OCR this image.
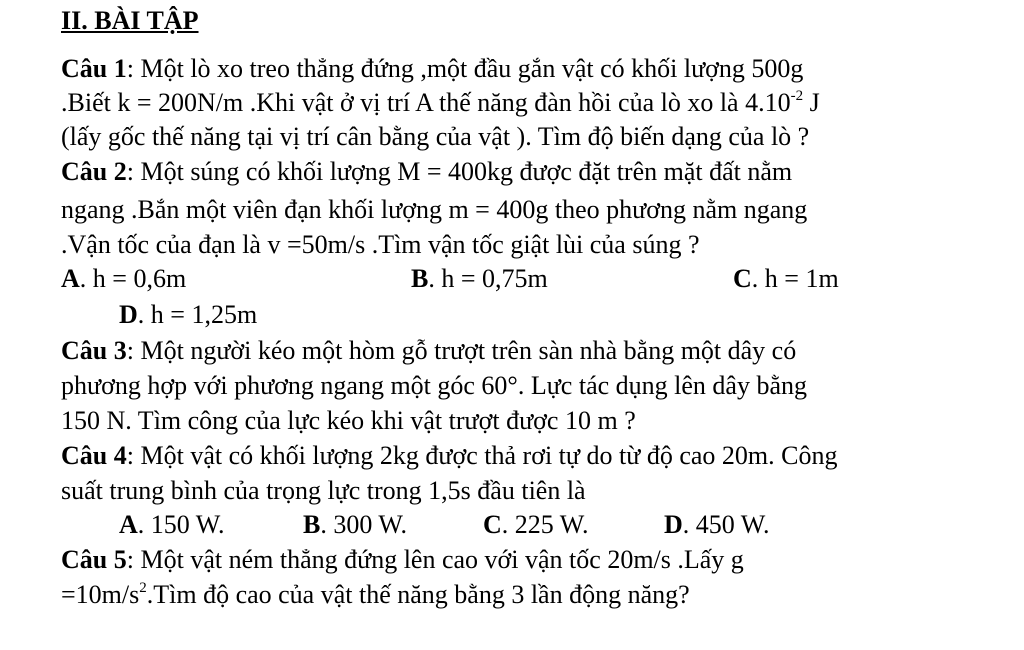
II. BÀI TẬP
Câu 1: Một lò xo treo thẳng đứng ,một đầu gắn vật có khối lượng 500g
.Biết k = 200N/m .Khi vật ở vị trí A thế năng đàn hồi của lò xo là $4.10^{-2}$ J
(lấy gốc thế năng tại vị trí cân bằng của vật ). Tìm độ biến dạng của lò ?
Câu 2: Một súng có khối lượng M = 400kg được đặt trên mặt đất nằm
ngang .Bắn một viên đạn khối lượng m = 400g theo phương nằm ngang
.Vận tốc của đạn là v =50m/s .Tìm vận tốc giật lùi của súng ?
A. h = 0,6m	B. h = 0,75m	C. h = 1m
D. h = 1,25m
Câu 3: Một người kéo một hòm gỗ trượt trên sàn nhà bằng một dây có
phương hợp với phương ngang một góc 60°. Lực tác dụng lên dây bằng
150 N. Tìm công của lực kéo khi vật trượt được 10 m ?
Câu 4: Một vật có khối lượng 2kg được thả rơi tự do từ độ cao 20m. Công
suất trung bình của trọng lực trong 1,5s đầu tiên là
A. 150 W.	B. 300 W.	C. 225 W.	D. 450 W.
Câu 5: Một vật ném thẳng đứng lên cao với vận tốc 20m/s .Lấy g
$=10m/s^2.Tìm$ độ cao của vật thế năng bằng 3 lần động năng?
